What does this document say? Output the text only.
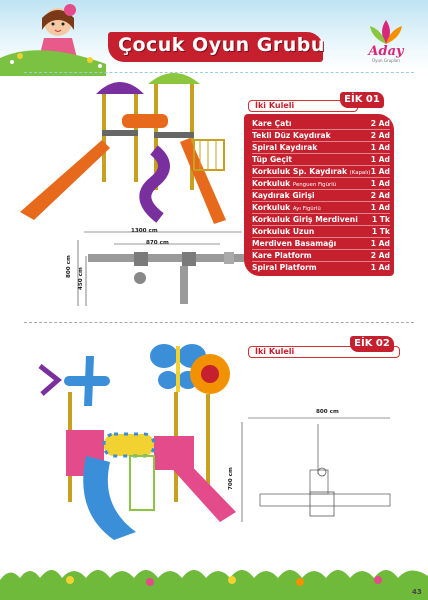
Çocuk Oyun Grubu	Aday
Oyun Grupları
1300 cm
870 cm
800 cm
450 cm
İki Kuleli
EİK 01
Kare Çatı	2 Ad
Tekli Düz Kaydırak	2 Ad
Spiral Kaydırak	1 Ad
Tüp Geçit	1 Ad
Korkuluk Sp. Kaydırak (Kapalı) 1 Ad
Korkuluk Penguen Figürlü	1 Ad
Kaydırak Girişi	2 Ad
Korkuluk Ayı Figürlü	1 Ad
Korkuluk Giriş Merdiveni 1 Tk
Korkuluk Uzun	1 Tk
Merdiven Basamağı	1 Ad
Kare Platform	2 Ad
Spiral Platform	1 Ad
İki Kuleli
EİK 02
800 cm
700 cm
43
